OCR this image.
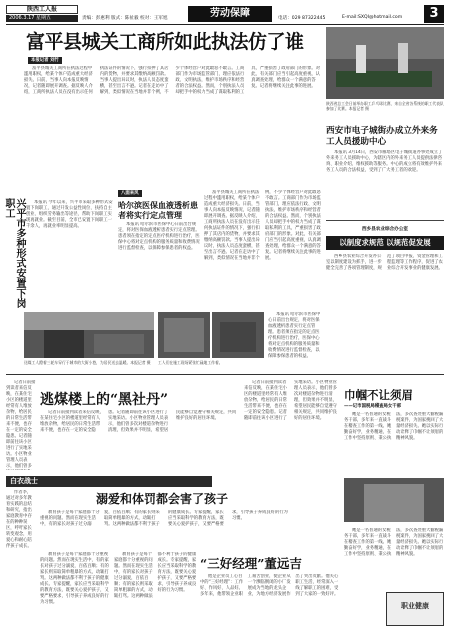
陕西工人报
2006.3.17 星期五	责编：彭惠利 版式：陈祉毅 校对：王军旭	劳动保障	电话：029 87322445	E-mail:SXQI@hotmail.com	3
富平县城关工商所如此执法仿了谁
本报记者 刘竹

富平县城关工商所在执法过程中滥用职权，给某个体户造成重大经济损失。日前，当事人向本报反映情况，记者随即展开调查。据反映人介绍，工商所执法人员在没有出示任何执法证件的情况下，强行扣押了其店内的货物，并要求其缴纳高额罚款。当事人提出异议时，执法人员态度蛮横，甚至出言不逊。记者在走访中了解到，类似情况在当地并非个例，不少个体经营户对此敢怒不敢言。工商部门作为市场监管部门，理应依法行政、文明执法，维护市场秩序和经营者的合法权益。然而，个别执法人员却把手中的权力当成了谋取私利的工具，严重损害了政府部门的形象。对此，有关部门应当引起高度重视，认真调查处理，给群众一个满意的答复。记者将继续关注此事的进展。

陕西省总工会日前举办职工乒乓球比赛，来自全省各系统的职工代表队参加了比赛。本报记者 摄
西安市电子城街办成立外来务工人员援助中心

本报讯 3月14日，西安市雁塔区电子城街道办事处成立了外来务工人员援助中心，为辖区内的外来务工人员提供法律咨询、职业介绍、维权援助等服务。中心的成立将有效维护外来务工人员的合法权益，受到了广大务工者的欢迎。

兴平市多种形式安置下岗职工	本报讯 今年以来，兴平市采取多种形式安置下岗职工，通过开发公益性岗位、扶持自主创业、组织劳务输出等途径，帮助下岗职工实现再就业。截至目前，全市已安置下岗职工一千余人，再就业率明显提高。

八面来风
哈尔滨医保血液透析患者将实行定点管理

本报讯 哈尔滨市医保中心日前出台规定，将对医保血液透析患者实行定点管理。患者须在指定的定点医疗机构进行治疗，医保中心将对定点机构的服务质量和收费情况进行监督检查，以保障参保患者的权益。

富平县城关工商所在执法过程中滥用职权，给某个体户造成重大经济损失。日前，当事人向本报反映情况，记者随即展开调查。据反映人介绍，工商所执法人员在没有出示任何执法证件的情况下，强行扣押了其店内的货物，并要求其缴纳高额罚款。当事人提出异议时，执法人员态度蛮横，甚至出言不逊。记者在走访中了解到，类似情况在当地并非个例，不少个体经营户对此敢怒不敢言。工商部门作为市场监管部门，理应依法行政、文明执法，维护市场秩序和经营者的合法权益。然而，个别执法人员却把手中的权力当成了谋取私利的工具，严重损害了政府部门的形象。对此，有关部门应当引起高度重视，认真调查处理，给群众一个满意的答复。记者将继续关注此事的进展。

西乡县农业综合办公室
以制度求规范 以规范促发展

西乡县农业综合开发办公室以制度建设为抓手，进一步健全完善了各项管理制度，规范了项目申报、资金管理和工程监理等工作程序，促进了农业综合开发事业的健康发展。

送煤工人蹬着三轮车穿行于城市的大街小巷，为居民送去温暖。本报记者 摄	工人们在施工现场紧张忙碌地工作着。

本报讯 哈尔滨市医保中心日前出台规定，将对医保血液透析患者实行定点管理。患者须在指定的定点医疗机构进行治疗，医保中心将对定点机构的服务质量和收费情况进行监督检查，以保障参保患者的权益。

记者日前接到读者来信反映，在某住宅小区的楼道里经常有人堆放杂物，给居民的日常生活带来不便，也存在一定的安全隐患。记者随即前往该小区进行了实地采访。小区物业管理人员表示，他们曾多

逃煤楼上的“黑社丹”

记者日前接到读者来信反映，在某住宅小区的楼道里经常有人堆放杂物，给居民的日常生活带来不便，也存在一定的安全隐患。记者随即前往该小区进行了实地采访。小区物业管理人员表示，他们曾多次对楼道杂物进行清理，但效果并不明显，希望居民能够自觉遵守相关规定，共同维护良好的居住环境。

记者日前接到读者来信反映，在某住宅小区的楼道里经常有人堆放杂物，给居民的日常生活带来不便，也存在一定的安全隐患。记者随即前往该小区进行了实地采访。小区物业管理人员表示，他们曾多次对楼道杂物进行清理，但效果并不明显，希望居民能够自觉遵守相关规定，共同维护良好的居住环境。

巾帼不让须眉
——记市国税局稽查局女干部

她是一名普通的女税务干部，多年来一直战斗在稽查工作的第一线。她勤奋好学，业务精通，在工作中坚持原则、秉公执法，多次查处重大偷税漏税案件，为国家挽回了大量经济损失。她以实际行动诠释了巾帼不让须眉的精神风貌。

白衣战士
溺爱和体罚都会害了孩子

教育孩子是每个家庭都十分重视的问题。然而在现实生活中，有的家长对孩子过分溺爱，百依百顺；有的家长则采取简单粗暴的方式，动辄打骂。这两种做法都不利于孩子的健康成长。专家提醒，家长应当采取科学的教育方法，既要关心爱护孩子，又要严格要求，引导孩子养成良好的行为习惯。

作者李， 通过对多年教育实践的总结和研究，指出家庭教育中存在的种种误区，呼吁家长转变观念，用爱心和耐心陪伴孩子成长。

教育孩子是每个家庭都十分重视的问题。然而在现实生活中，有的家长对孩子过分溺爱，百依百顺；有的家长则采取简单粗暴的方式，动辄打骂。这两种做法都不利于孩子的健康成长。专家提醒，家长应当采取科学的教育方法，既要关心爱护孩子，又要严格要求，引导孩子养成良好的行为习惯。

教育孩子是每个家庭都十分重视的问题。然而在现实生活中，有的家长对孩子过分溺爱，百依百顺；有的家长则采取简单粗暴的方式，动辄打骂。这两种做法都不利于孩子的健康成长。专家提醒，家长应当采取科学的教育方法，既要关心爱护孩子，又要严格要求，引导孩子养成良好的行为习惯。

“三好经理”董远吉

他是企业员工心目中的“三好经理”：工作好、作风好、人品好。多年来，他带领企业职工艰苦创业，使企业从一个濒临倒闭的小厂发展成为当地的龙头企业，为地方经济发展作出了突出贡献。他关心职工生活，经常深入一线了解职工的困难，受到了大家的一致好评。

她是一名普通的女税务干部，多年来一直战斗在稽查工作的第一线。她勤奋好学，业务精通，在工作中坚持原则、秉公执法，多次查处重大偷税漏税案件，为国家挽回了大量经济损失。她以实际行动诠释了巾帼不让须眉的精神风貌。

职业健康
